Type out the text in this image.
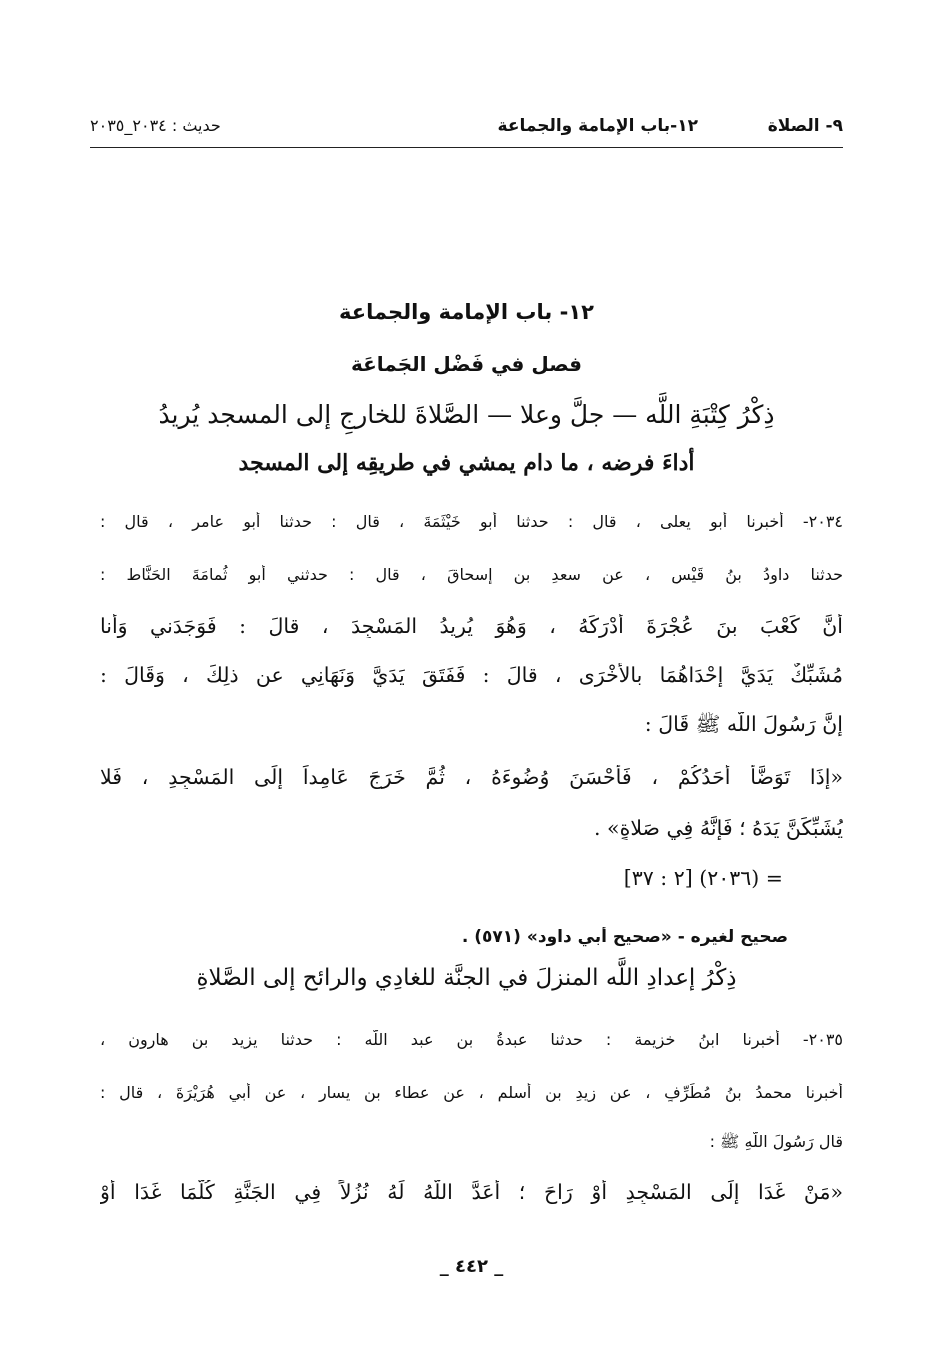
٩- الصلاة
١٢-باب الإمامة والجماعة
حديث : ٢٠٣٤_٢٠٣٥
١٢- باب الإمامة والجماعة
فصل في فَضْل الجَماعَة
ذِكْرُ كِتْبَةِ اللَّه — جلَّ وعلا — الصَّلاةَ للخارجِ إلى المسجد يُريدُ
أداءَ فرضه ، ما دام يمشي في طريقِه إلى المسجد
٢٠٣٤- أخبرنا أبو يعلى ، قال : حدثنا أبو خَيْثَمَةَ ، قال : حدثنا أبو عامر ، قال :
حدثنا داودُ بنُ قَيْس ، عن سعدِ بن إسحاقَ ، قال : حدثني أبو ثُمامَةَ الحَنَّاط :
أنَّ كَعْبَ بنَ عُجْرَةَ أَدْرَكَهُ ، وَهُوَ يُرِيدُ المَسْجِدَ ، قالَ : فَوَجَدَني وَأَنا
مُشَبِّكٌ يَدَيَّ إحْدَاهُمَا بالأُخْرَى ، قالَ : فَفَتَقَ يَدَيَّ وَنَهَانِي عن ذلِكَ ، وَقَالَ :
إنَّ رَسُولَ اللَّه ﷺ قَالَ :
«إِذَا تَوَضَّأَ أَحَدُكُمْ ، فَأَحْسَنَ وُضُوءَهُ ، ثُمَّ خَرَجَ عَامِداً إِلَى المَسْجِدِ ، فَلا
يُشَبِّكَنَّ يَدَهُ ؛ فَإِنَّهُ فِي صَلاةٍ» .
= (٢٠٣٦) [٢ : ٣٧]
صحيح لغيره - «صحيح أبي داود» (٥٧١) .
ذِكْرُ إعدادِ اللَّه المنزلَ في الجنَّة للغادِي والرائح إلى الصَّلاةِ
٢٠٣٥- أخبرنا ابنُ خزيمة : حدثنا عبدةُ بن عبد اللَّه : حدثنا يزيد بن هارون ،
أخبرنا محمدُ بنُ مُطَرِّفٍ ، عن زيدِ بن أسلم ، عن عطاء بن يسار ، عن أبي هُرَيْرَةَ ، قال :
قال رَسُولَ اللَّهِ ﷺ :
«مَنْ غَدَا إِلَى المَسْجِدِ أَوْ رَاحَ ؛ أَعَدَّ اللَّهُ لَهُ نُزُلاً فِي الجَنَّةِ كُلَّمَا غَدَا أَوْ
_ ٤٤٢ _
